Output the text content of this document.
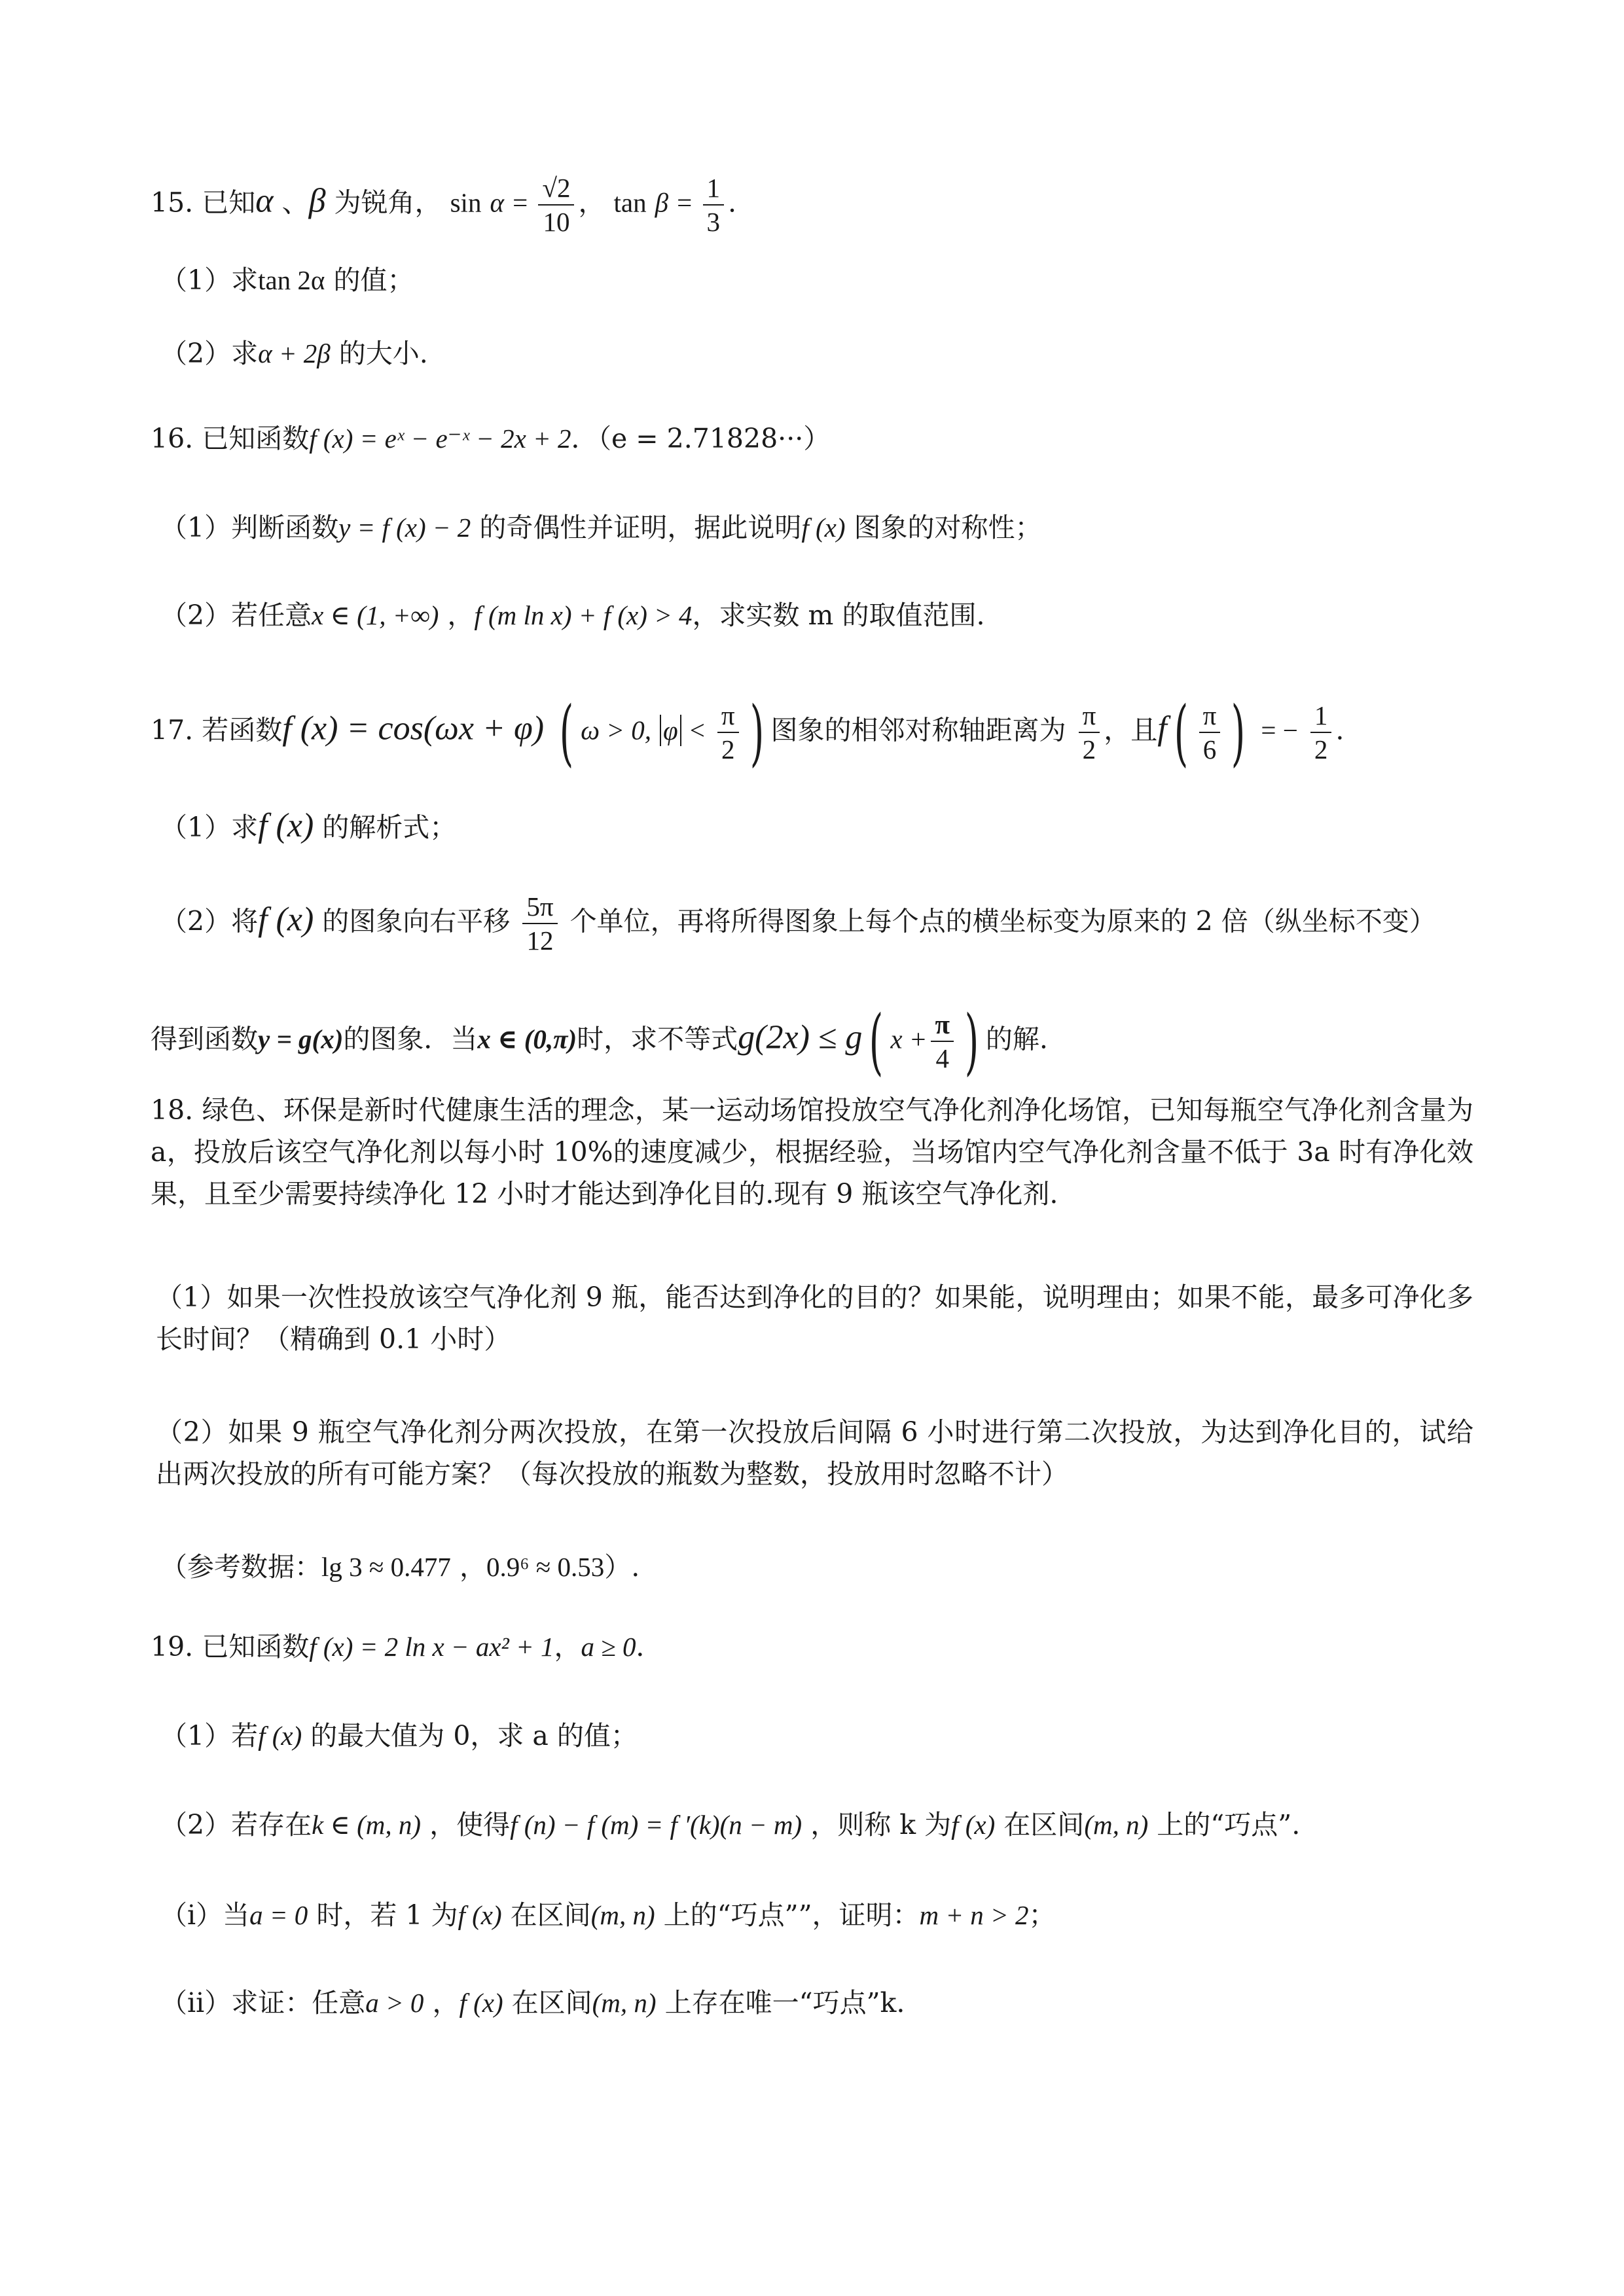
15. 已知α 、β 为锐角， $\sin \alpha = \frac{√2}{10}$ ， $\tan \beta = \frac{1}{3}$ .
（1）求tan 2α 的值；
（2）求α + 2β 的大小.
16. 已知函数f (x) = eˣ − e⁻ˣ − 2x + 2．（e = 2.71828···）
（1）判断函数y = f (x) − 2 的奇偶性并证明，据此说明f (x) 图象的对称性；
（2）若任意x ∈ (1, +∞) ，f (m ln x) + f (x) > 4，求实数 m 的取值范围.
17. 若函数f (x) = cos(ωx + φ) ( ω > 0, $\varphi < \frac{\pi}{2}$ ) 图象的相邻对称轴距离为 $\frac{\pi}{2}$ ，且$f( \frac{\pi}{6}$ ) = − $\frac{1}{2}$ .
（1）求f (x) 的解析式；
（2）将f (x) 的图象向右平移 $\frac{5\pi}{12}$ 个单位，再将所得图象上每个点的横坐标变为原来的 2 倍（纵坐标不变）
得到函数y = g(x)的图象．当x ∈ (0,π)时，求不等式g(2x) ≤ g( $x + \frac{\pi}{4}$ ) 的解.
18. 绿色、环保是新时代健康生活的理念，某一运动场馆投放空气净化剂净化场馆，已知每瓶空气净化剂含量为 a，投放后该空气净化剂以每小时 10%的速度减少，根据经验，当场馆内空气净化剂含量不低于 3a 时有净化效果，且至少需要持续净化 12 小时才能达到净化目的.现有 9 瓶该空气净化剂.
（1）如果一次性投放该空气净化剂 9 瓶，能否达到净化的目的？如果能，说明理由；如果不能，最多可净化多长时间？（精确到 0.1 小时）
（2）如果 9 瓶空气净化剂分两次投放，在第一次投放后间隔 6 小时进行第二次投放，为达到净化目的，试给出两次投放的所有可能方案？（每次投放的瓶数为整数，投放用时忽略不计）
（参考数据：lg 3 ≈ 0.477 ，0.9⁶ ≈ 0.53）.
19. 已知函数f (x) = 2 ln x − ax² + 1，a ≥ 0．
（1）若f (x) 的最大值为 0，求 a 的值；
（2）若存在k ∈ (m, n) ，使得f (n) − f (m) = f ′(k)(n − m) ，则称 k 为f (x) 在区间(m, n) 上的“巧点”.
（i）当a = 0 时，若 1 为f (x) 在区间(m, n) 上的“巧点””，证明：m + n > 2；
（ii）求证：任意a > 0 ，f (x) 在区间(m, n) 上存在唯一“巧点”k.
